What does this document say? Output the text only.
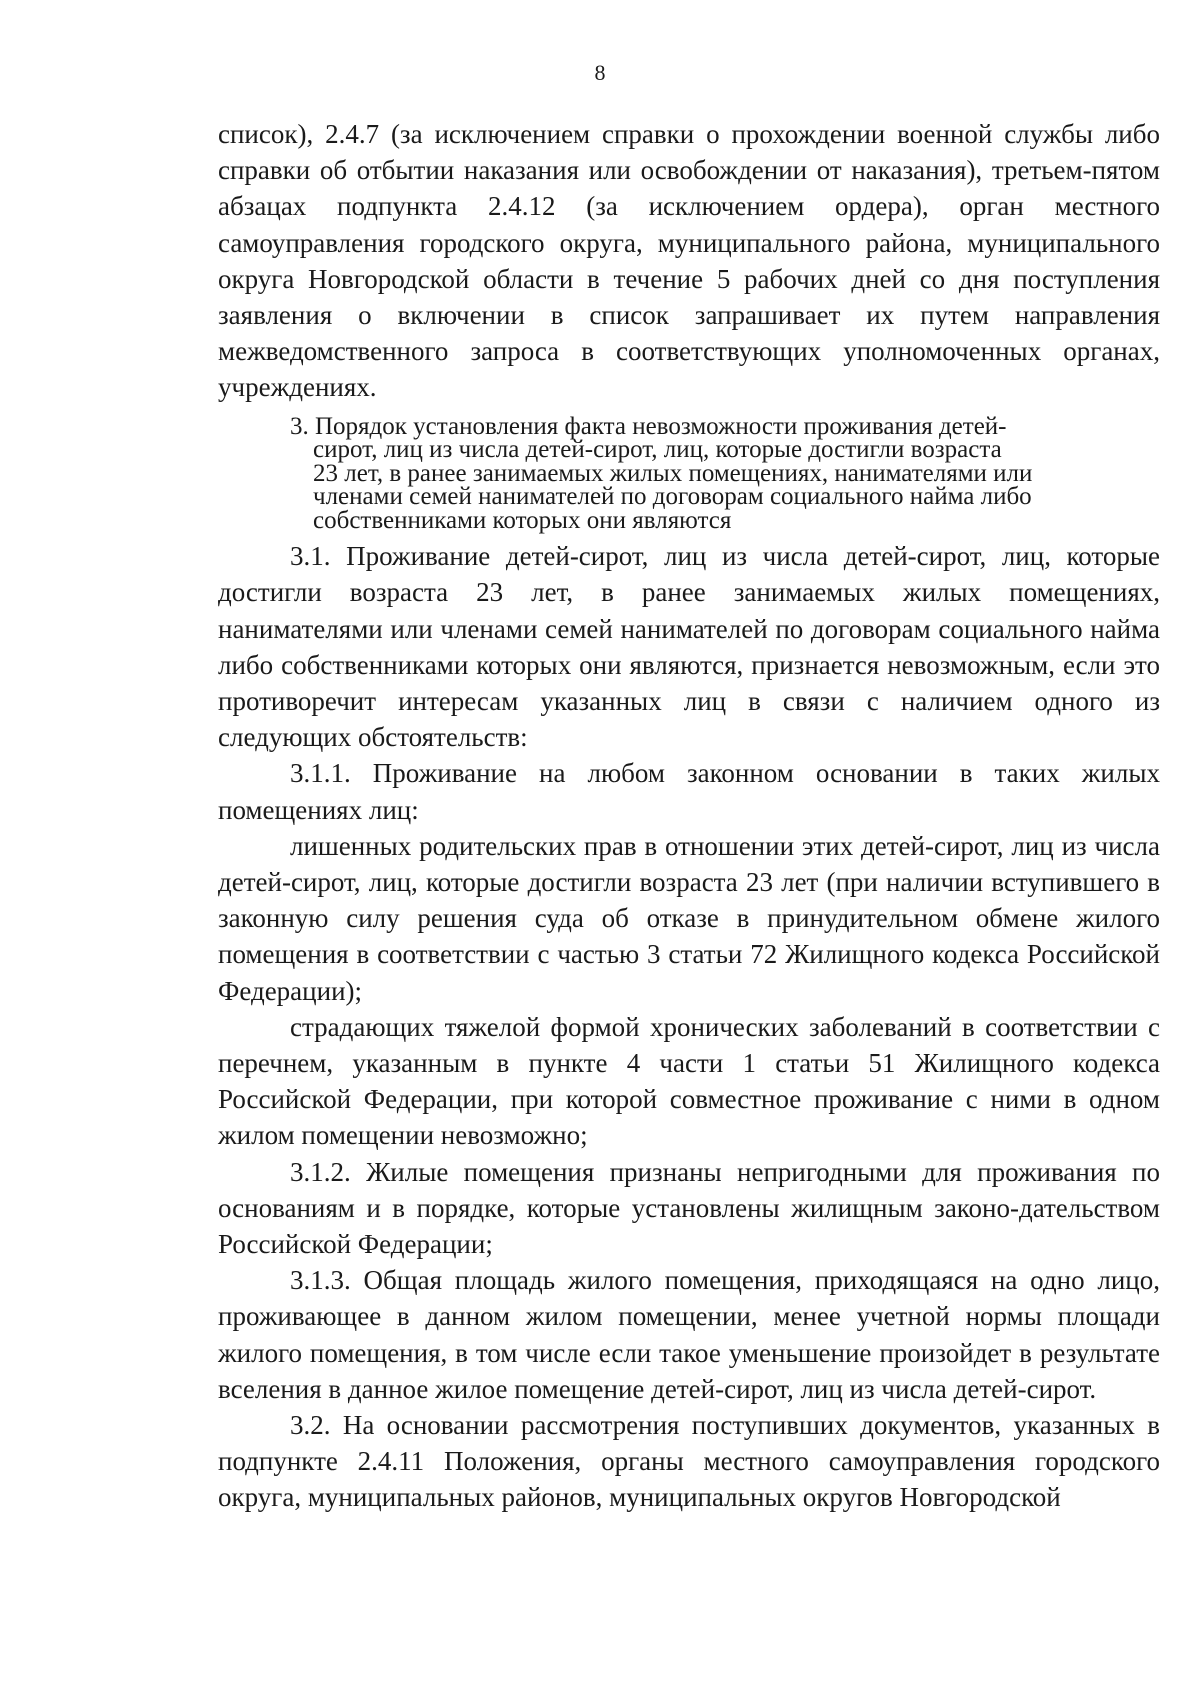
8

список), 2.4.7 (за исключением справки о прохождении военной службы либо справки об отбытии наказания или освобождении от наказания), третьем-пятом абзацах подпункта 2.4.12 (за исключением ордера), орган местного самоуправления городского округа, муниципального района, муниципального округа Новгородской области в течение 5 рабочих дней со дня поступления заявления о включении в список запрашивает их путем направления межведомственного запроса в соответствующих уполномоченных органах, учреждениях.

3. Порядок установления факта невозможности проживания детей-
сирот, лиц из числа детей-сирот, лиц, которые достигли возраста
23 лет, в ранее занимаемых жилых помещениях, нанимателями или
членами семей нанимателей по договорам социального найма либо
собственниками которых они являются

3.1. Проживание детей-сирот, лиц из числа детей-сирот, лиц, которые достигли возраста 23 лет, в ранее занимаемых жилых помещениях, нанимателями или членами семей нанимателей по договорам социального найма либо собственниками которых они являются, признается невозможным, если это противоречит интересам указанных лиц в связи с наличием одного из следующих обстоятельств:

3.1.1. Проживание на любом законном основании в таких жилых помещениях лиц:

лишенных родительских прав в отношении этих детей-сирот, лиц из числа детей-сирот, лиц, которые достигли возраста 23 лет (при наличии вступившего в законную силу решения суда об отказе в принудительном обмене жилого помещения в соответствии с частью 3 статьи 72 Жилищного кодекса Российской Федерации);

страдающих тяжелой формой хронических заболеваний в соответствии с перечнем, указанным в пункте 4 части 1 статьи 51 Жилищного кодекса Российской Федерации, при которой совместное проживание с ними в одном жилом помещении невозможно;

3.1.2. Жилые помещения признаны непригодными для проживания по основаниям и в порядке, которые установлены жилищным законо-дательством Российской Федерации;

3.1.3. Общая площадь жилого помещения, приходящаяся на одно лицо, проживающее в данном жилом помещении, менее учетной нормы площади жилого помещения, в том числе если такое уменьшение произойдет в результате вселения в данное жилое помещение детей-сирот, лиц из числа детей-сирот.

3.2. На основании рассмотрения поступивших документов, указанных в подпункте 2.4.11 Положения, органы местного самоуправления городского округа, муниципальных районов, муниципальных округов Новгородской
